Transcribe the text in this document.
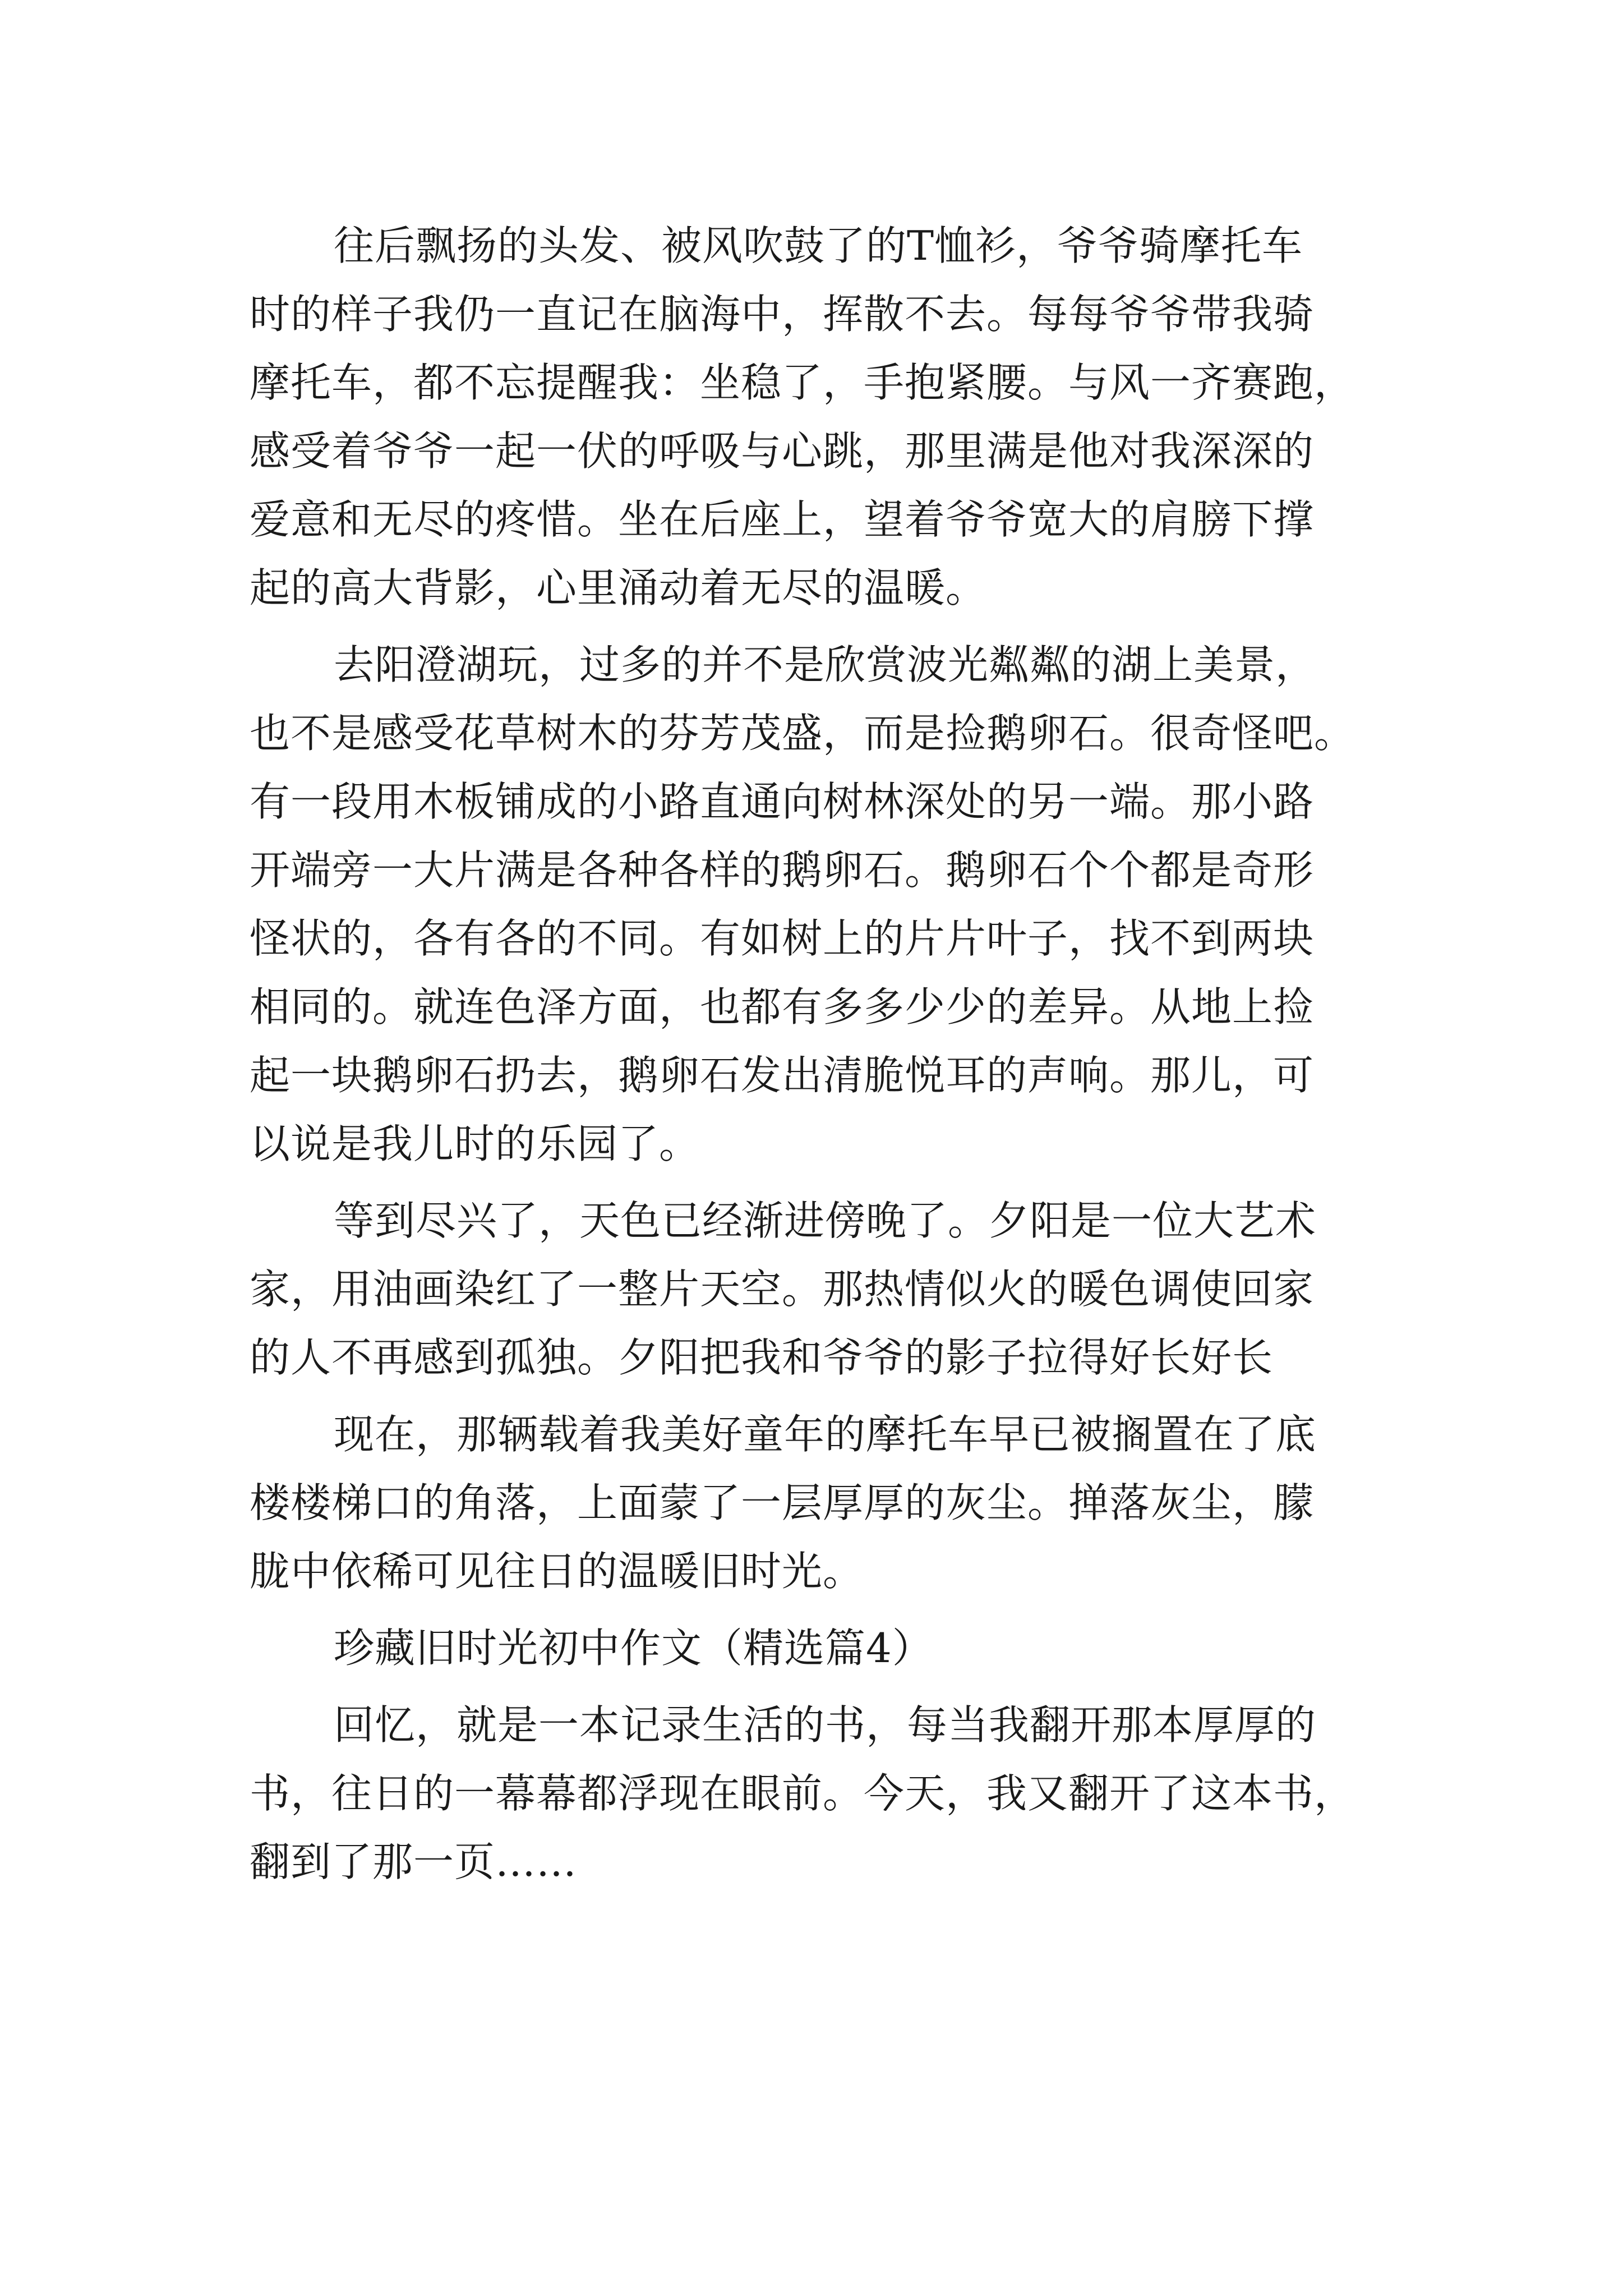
往后飘扬的头发、被风吹鼓了的T恤衫，爷爷骑摩托车
时的样子我仍一直记在脑海中，挥散不去。每每爷爷带我骑
摩托车，都不忘提醒我：坐稳了，手抱紧腰。与风一齐赛跑，
感受着爷爷一起一伏的呼吸与心跳，那里满是他对我深深的
爱意和无尽的疼惜。坐在后座上，望着爷爷宽大的肩膀下撑
起的高大背影，心里涌动着无尽的温暖。
去阳澄湖玩，过多的并不是欣赏波光粼粼的湖上美景，
也不是感受花草树木的芬芳茂盛，而是捡鹅卵石。很奇怪吧。
有一段用木板铺成的小路直通向树林深处的另一端。那小路
开端旁一大片满是各种各样的鹅卵石。鹅卵石个个都是奇形
怪状的，各有各的不同。有如树上的片片叶子，找不到两块
相同的。就连色泽方面，也都有多多少少的差异。从地上捡
起一块鹅卵石扔去，鹅卵石发出清脆悦耳的声响。那儿，可
以说是我儿时的乐园了。
等到尽兴了，天色已经渐进傍晚了。夕阳是一位大艺术
家，用油画染红了一整片天空。那热情似火的暖色调使回家
的人不再感到孤独。夕阳把我和爷爷的影子拉得好长好长
现在，那辆载着我美好童年的摩托车早已被搁置在了底
楼楼梯口的角落，上面蒙了一层厚厚的灰尘。掸落灰尘，朦
胧中依稀可见往日的温暖旧时光。
珍藏旧时光初中作文（精选篇4）
回忆，就是一本记录生活的书，每当我翻开那本厚厚的
书，往日的一幕幕都浮现在眼前。今天，我又翻开了这本书，
翻到了那一页……
